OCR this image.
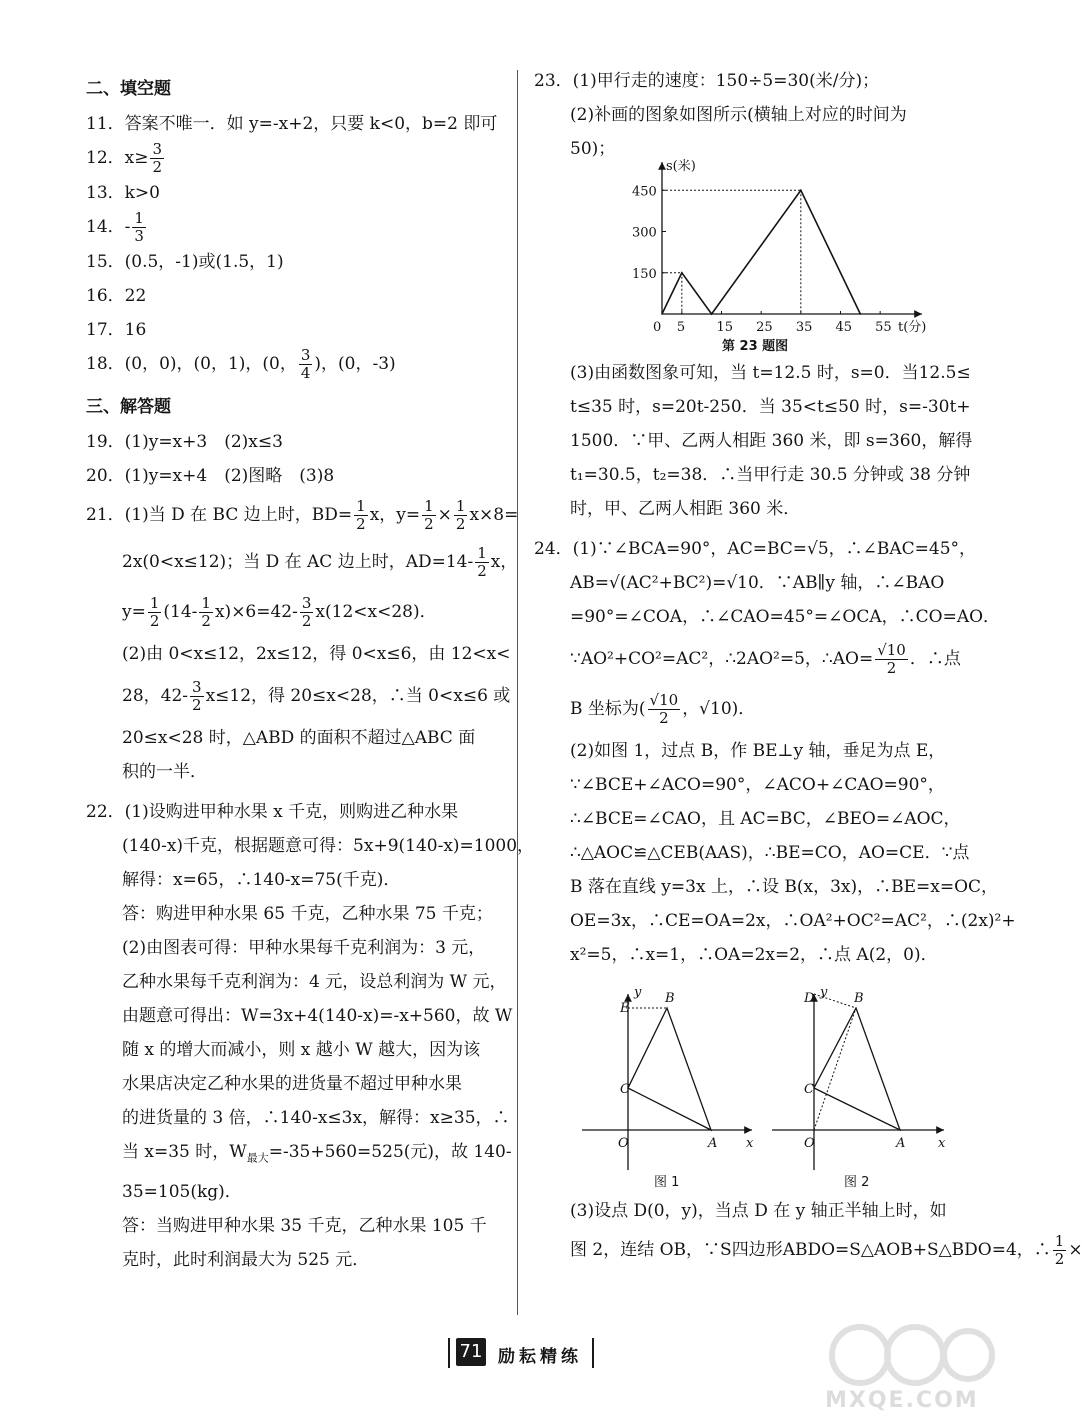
二、填空题
11．答案不唯一．如 y=-x+2，只要 k<0，b=2 即可
12．$x\ge \frac{3}{2}$
13．k>0
14．- $\frac{1}{3}$
15．(0.5，-1)或(1.5，1)
16．22
17．16
18．(0，0)，(0，1)，(0， $\frac{3}{4}$ )，(0，-3)
三、解答题
19．(1)y=x+3　(2)x≤3
20．(1)y=x+4　(2)图略　(3)8
21．(1)当 D 在 BC 边上时，$BD= \frac{1}{2}$ x，$y= \frac{1}{2} \times \frac{1}{2} x\times 8=$
2x(0<x≤12)；当 D 在 AC 边上时，$AD=14- \frac{1}{2}$ x，
$y= \frac{1}{2} (14- \frac{1}{2} x)\times 6=42- \frac{3}{2} x(12<x<28)$．
(2)由 0<x≤12，2x≤12，得 0<x≤6，由 12<x<
28，$42- \frac{3}{2} x\le 12$，得 20≤x<28，∴当 0<x≤6 或
20≤x<28 时，△ABD 的面积不超过△ABC 面
积的一半．
22．(1)设购进甲种水果 x 千克，则购进乙种水果
(140-x)千克，根据题意可得：5x+9(140-x)=1000，
解得：x=65，∴140-x=75(千克)．
答：购进甲种水果 65 千克，乙种水果 75 千克；
(2)由图表可得：甲种水果每千克利润为：3 元，
乙种水果每千克利润为：4 元，设总利润为 W 元，
由题意可得出：W=3x+4(140-x)=-x+560，故 W
随 x 的增大而减小，则 x 越小 W 越大，因为该
水果店决定乙种水果的进货量不超过甲种水果
的进货量的 3 倍，∴140-x≤3x，解得：x≥35，∴
当 x=35 时，$W_{最大}=-35+560=525$(元)，故 140-
35=105(kg)．
答：当购进甲种水果 35 千克，乙种水果 105 千
克时，此时利润最大为 525 元．
23．(1)甲行走的速度：150÷5=30(米/分)；
(2)补画的图象如图所示(横轴上对应的时间为
50)；
s(米)
t(分)
0 5 15 25 35 45 55
150
300
450
第 23 题图
(3)由函数图象可知，当 t=12.5 时，s=0．当12.5≤
t≤35 时，s=20t-250．当 35<t≤50 时，s=-30t+
1500．∵甲、乙两人相距 360 米，即 s=360，解得
t₁=30.5，t₂=38．∴当甲行走 30.5 分钟或 38 分钟
时，甲、乙两人相距 360 米．
24．(1)∵∠BCA=90°，AC=BC=√5，∴∠BAC=45°，
AB=√(AC²+BC²)=√10．∵AB∥y 轴，∴∠BAO
=90°=∠COA，∴∠CAO=45°=∠OCA，∴CO=AO．
∵AO²+CO²=AC²，∴2AO²=5，∴AO= $\frac{√10}{2}$ ．∴点
B 坐标为( $\frac{√10}{2}$ ，√10)．
(2)如图 1，过点 B，作 BE⊥y 轴，垂足为点 E，
∵∠BCE+∠ACO=90°，∠ACO+∠CAO=90°，
∴∠BCE=∠CAO，且 AC=BC，∠BEO=∠AOC，
∴△AOC≌△CEB(AAS)，∴BE=CO，AO=CE．∵点
B 落在直线 y=3x 上，∴设 B(x，3x)，∴BE=x=OC，
OE=3x，∴CE=OA=2x，∴OA²+OC²=AC²，∴(2x)²+
x²=5，∴x=1，∴OA=2x=2，∴点 A(2，0)．
E
B
C
O	A x
y
图 1
D	B
C
O	A	x
y
图 2
(3)设点 D(0，y)，当点 D 在 y 轴正半轴上时，如
图 2，连结 OB，∵S四边形ABDO=S△AOB+S△BDO=4，∴ $\frac{1}{2}$ ×
71 励耘精练
MXQE.COM
